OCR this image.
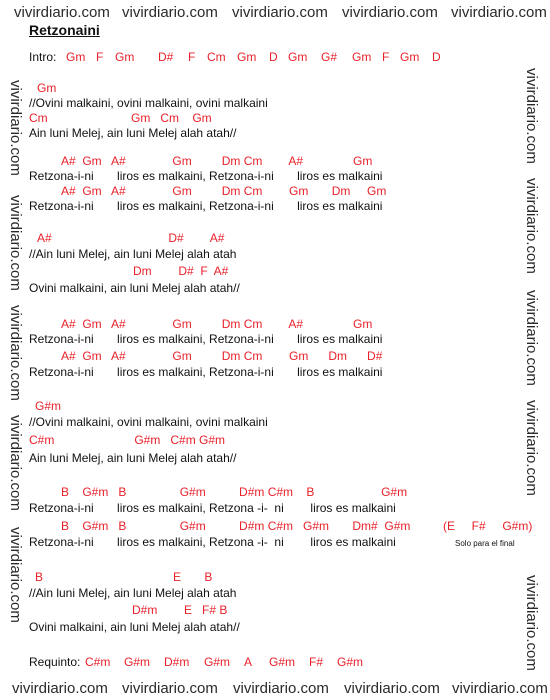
vivirdiario.com vivirdiario.com vivirdiario.com vivirdiario.com vivirdiario.com
vivirdiario.com vivirdiario.com vivirdiario.com vivirdiario.com vivirdiario.com
vivirdiario.com
vivirdiario.com
vivirdiario.com
vivirdiario.com
vivirdiario.com
vivirdiario.com
vivirdiario.com
vivirdiario.com
vivirdiario.com
vivirdiario.com
Retzonaini
Intro: Gm F Gm D# F Cm Gm D Gm G# Gm F Gm D
Gm
//Ovini malkaini, ovini malkaini, ovini malkaini
Cm                         Gm   Cm    Gm
Ain luni Melej, ain luni Melej alah atah//
A#  Gm   A#              Gm         Dm Cm        A#               Gm
Retzona-i-ni       liros es malkaini, Retzona-i-ni       liros es malkaini
A#  Gm   A#              Gm         Dm Cm        Gm       Dm     Gm
Retzona-i-ni       liros es malkaini, Retzona-i-ni       liros es malkaini
A#                                   D#        A#
//Ain luni Melej, ain luni Melej alah atah
Dm        D#  F  A#
Ovini malkaini, ain luni Melej alah atah//
A#  Gm   A#              Gm         Dm Cm        A#               Gm
Retzona-i-ni       liros es malkaini, Retzona-i-ni       liros es malkaini
A#  Gm   A#              Gm         Dm Cm        Gm      Dm      D#
Retzona-i-ni       liros es malkaini, Retzona-i-ni       liros es malkaini
G#m
//Ovini malkaini, ovini malkaini, ovini malkaini
C#m                        G#m   C#m G#m
Ain luni Melej, ain luni Melej alah atah//
B    G#m   B                G#m          D#m C#m    B                    G#m
Retzona-i-ni       liros es malkaini, Retzona -i-  ni        liros es malkaini
B    G#m   B                G#m          D#m C#m   G#m       Dm#  G#m
Retzona-i-ni       liros es malkaini, Retzona -i-  ni        liros es malkaini
(E     F#     G#m)
Solo para el final
B                                       E       B
//Ain luni Melej, ain luni Melej alah atah
D#m        E   F# B
Ovini malkaini, ain luni Melej alah atah//
Requinto: C#m G#m D#m G#m A G#m F# G#m
